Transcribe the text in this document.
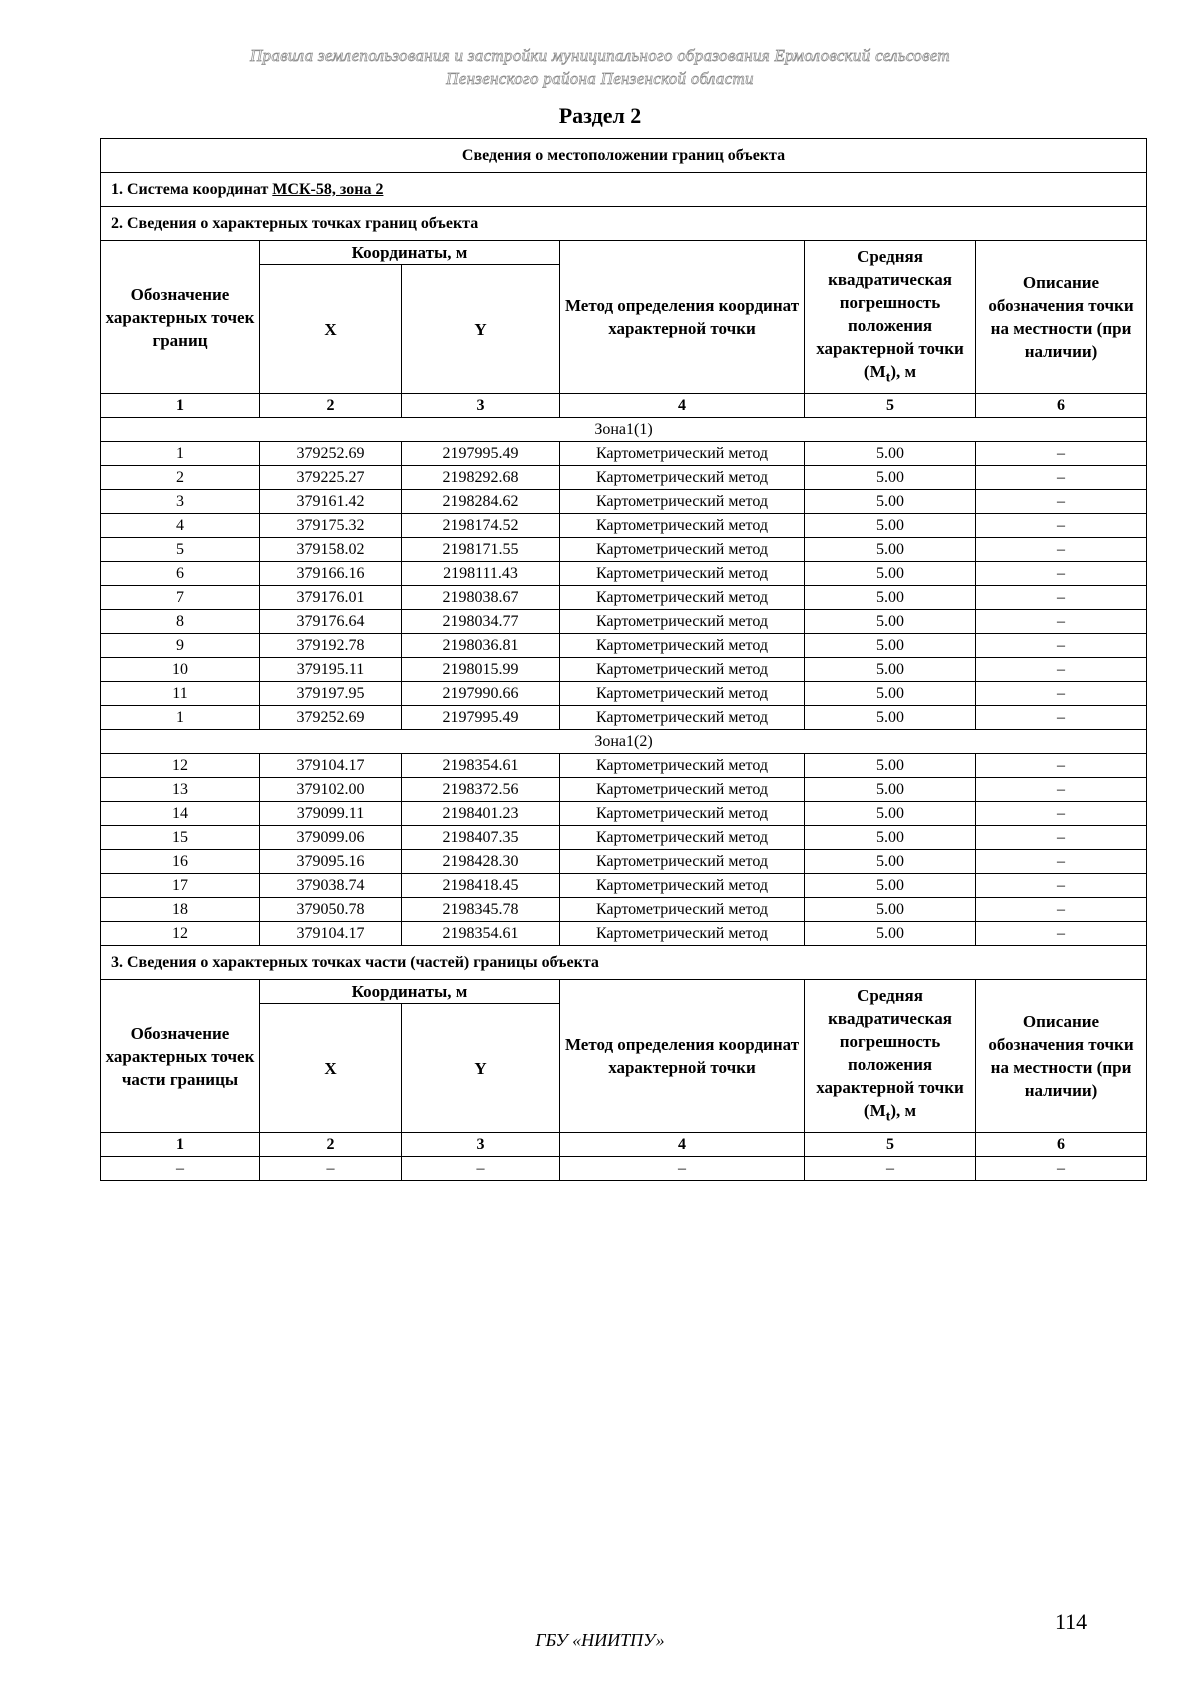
Правила землепользования и застройки муниципального образования Ермоловский сельсовет
Пензенского района Пензенской области
Раздел 2
Сведения о местоположении границ объекта					
1. Система координат МСК-58, зона 2					
2. Сведения о характерных точках границ объекта					
Обозначение характерных точек границ	Координаты, м		Метод определения координат характерной точки	Средняя квадратическая погрешность положения характерной точки $(M_t)$, м	Описание обозначения точки на местности (при наличии)
	X	Y			
1	2	3	4	5	6
Зона1(1)					
1	379252.69	2197995.49	Картометрический метод	5.00	–
2	379225.27	2198292.68	Картометрический метод	5.00	–
3	379161.42	2198284.62	Картометрический метод	5.00	–
4	379175.32	2198174.52	Картометрический метод	5.00	–
5	379158.02	2198171.55	Картометрический метод	5.00	–
6	379166.16	2198111.43	Картометрический метод	5.00	–
7	379176.01	2198038.67	Картометрический метод	5.00	–
8	379176.64	2198034.77	Картометрический метод	5.00	–
9	379192.78	2198036.81	Картометрический метод	5.00	–
10	379195.11	2198015.99	Картометрический метод	5.00	–
11	379197.95	2197990.66	Картометрический метод	5.00	–
1	379252.69	2197995.49	Картометрический метод	5.00	–
Зона1(2)					
12	379104.17	2198354.61	Картометрический метод	5.00	–
13	379102.00	2198372.56	Картометрический метод	5.00	–
14	379099.11	2198401.23	Картометрический метод	5.00	–
15	379099.06	2198407.35	Картометрический метод	5.00	–
16	379095.16	2198428.30	Картометрический метод	5.00	–
17	379038.74	2198418.45	Картометрический метод	5.00	–
18	379050.78	2198345.78	Картометрический метод	5.00	–
12	379104.17	2198354.61	Картометрический метод	5.00	–
3. Сведения о характерных точках части (частей) границы объекта					
Обозначение характерных точек части границы	Координаты, м		Метод определения координат характерной точки	Средняя квадратическая погрешность положения характерной точки $(M_t)$, м	Описание обозначения точки на местности (при наличии)
	X	Y			
1	2	3	4	5	6
–	–	–	–	–	–
114
ГБУ «НИИТПУ»
